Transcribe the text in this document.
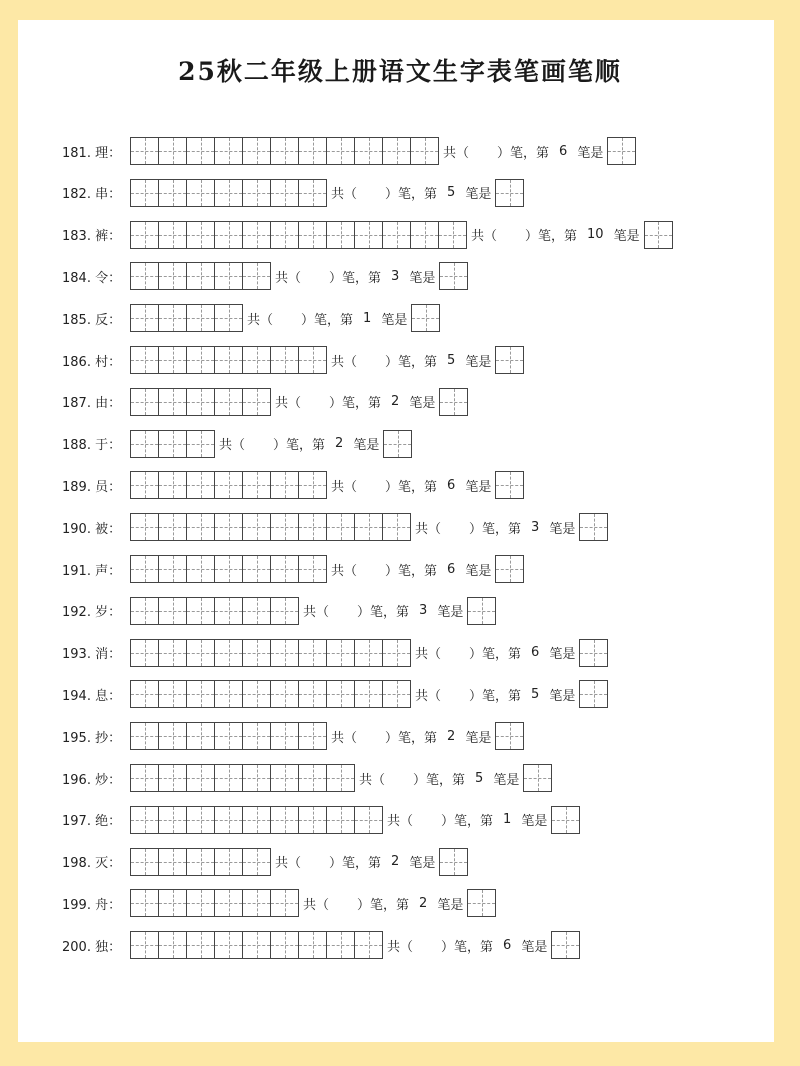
25秋二年级上册语文生字表笔画笔顺
181. 理：	共（ ）笔，第 6 笔是
182. 串：	共（ ）笔，第 5 笔是
183. 裤：	共（ ）笔，第 10 笔是
184. 令：	共（ ）笔，第 3 笔是
185. 反：	共（ ）笔，第 1 笔是
186. 村：	共（ ）笔，第 5 笔是
187. 由：	共（ ）笔，第 2 笔是
188. 于：	共（ ）笔，第 2 笔是
189. 员：	共（ ）笔，第 6 笔是
190. 被：	共（ ）笔，第 3 笔是
191. 声：	共（ ）笔，第 6 笔是
192. 岁：	共（ ）笔，第 3 笔是
193. 消：	共（ ）笔，第 6 笔是
194. 息：	共（ ）笔，第 5 笔是
195. 抄：	共（ ）笔，第 2 笔是
196. 炒：	共（ ）笔，第 5 笔是
197. 绝：	共（ ）笔，第 1 笔是
198. 灭：	共（ ）笔，第 2 笔是
199. 舟：	共（ ）笔，第 2 笔是
200. 独：	共（ ）笔，第 6 笔是
